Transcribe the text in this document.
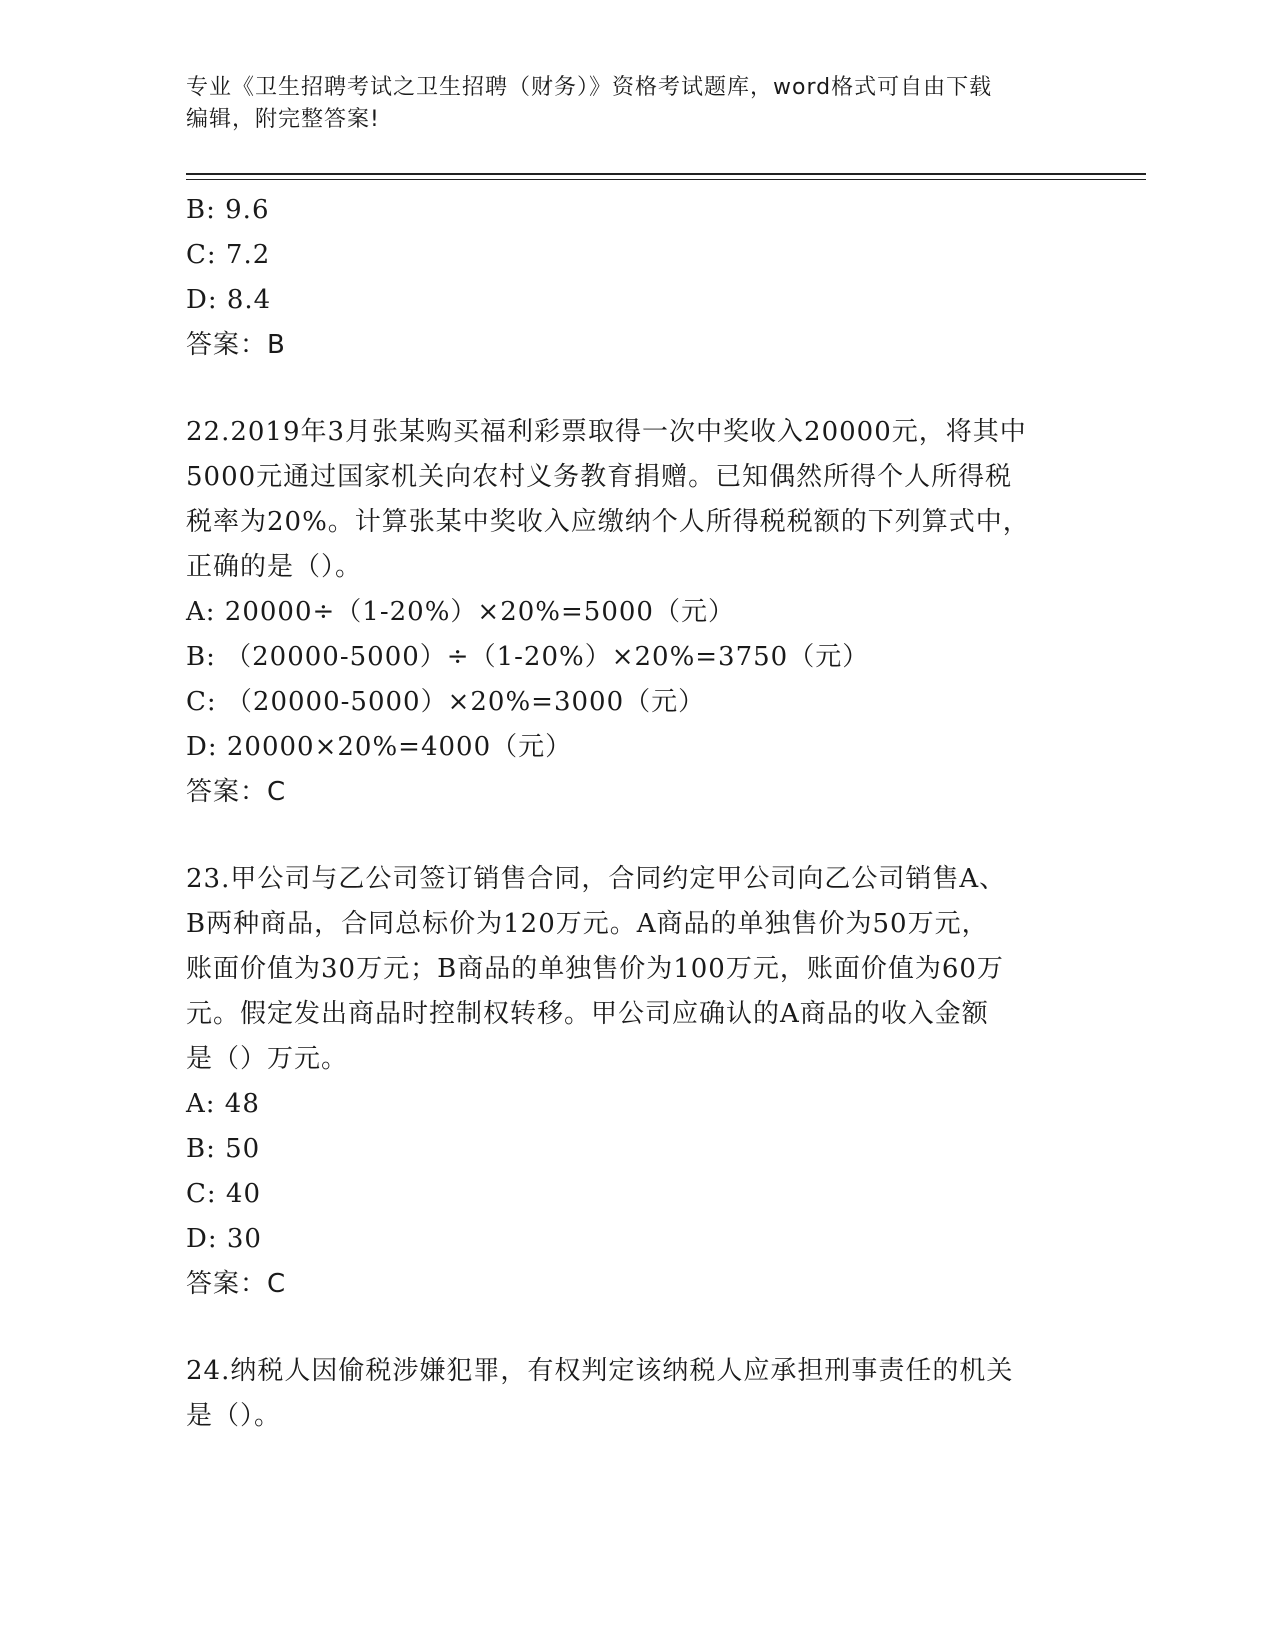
专业《卫生招聘考试之卫生招聘（财务）》资格考试题库，word格式可自由下载
编辑，附完整答案!
B: 9.6
C: 7.2
D: 8.4
答案：B
22.2019年3月张某购买福利彩票取得一次中奖收入20000元，将其中
5000元通过国家机关向农村义务教育捐赠。已知偶然所得个人所得税
税率为20%。计算张某中奖收入应缴纳个人所得税税额的下列算式中，
正确的是（）。
A: 20000÷（1-20%）×20%=5000（元）
B: （20000-5000）÷（1-20%）×20%=3750（元）
C: （20000-5000）×20%=3000（元）
D: 20000×20%=4000（元）
答案：C
23.甲公司与乙公司签订销售合同，合同约定甲公司向乙公司销售A、
B两种商品，合同总标价为120万元。A商品的单独售价为50万元，
账面价值为30万元；B商品的单独售价为100万元，账面价值为60万
元。假定发出商品时控制权转移。甲公司应确认的A商品的收入金额
是（）万元。
A: 48
B: 50
C: 40
D: 30
答案：C
24.纳税人因偷税涉嫌犯罪，有权判定该纳税人应承担刑事责任的机关
是（）。
